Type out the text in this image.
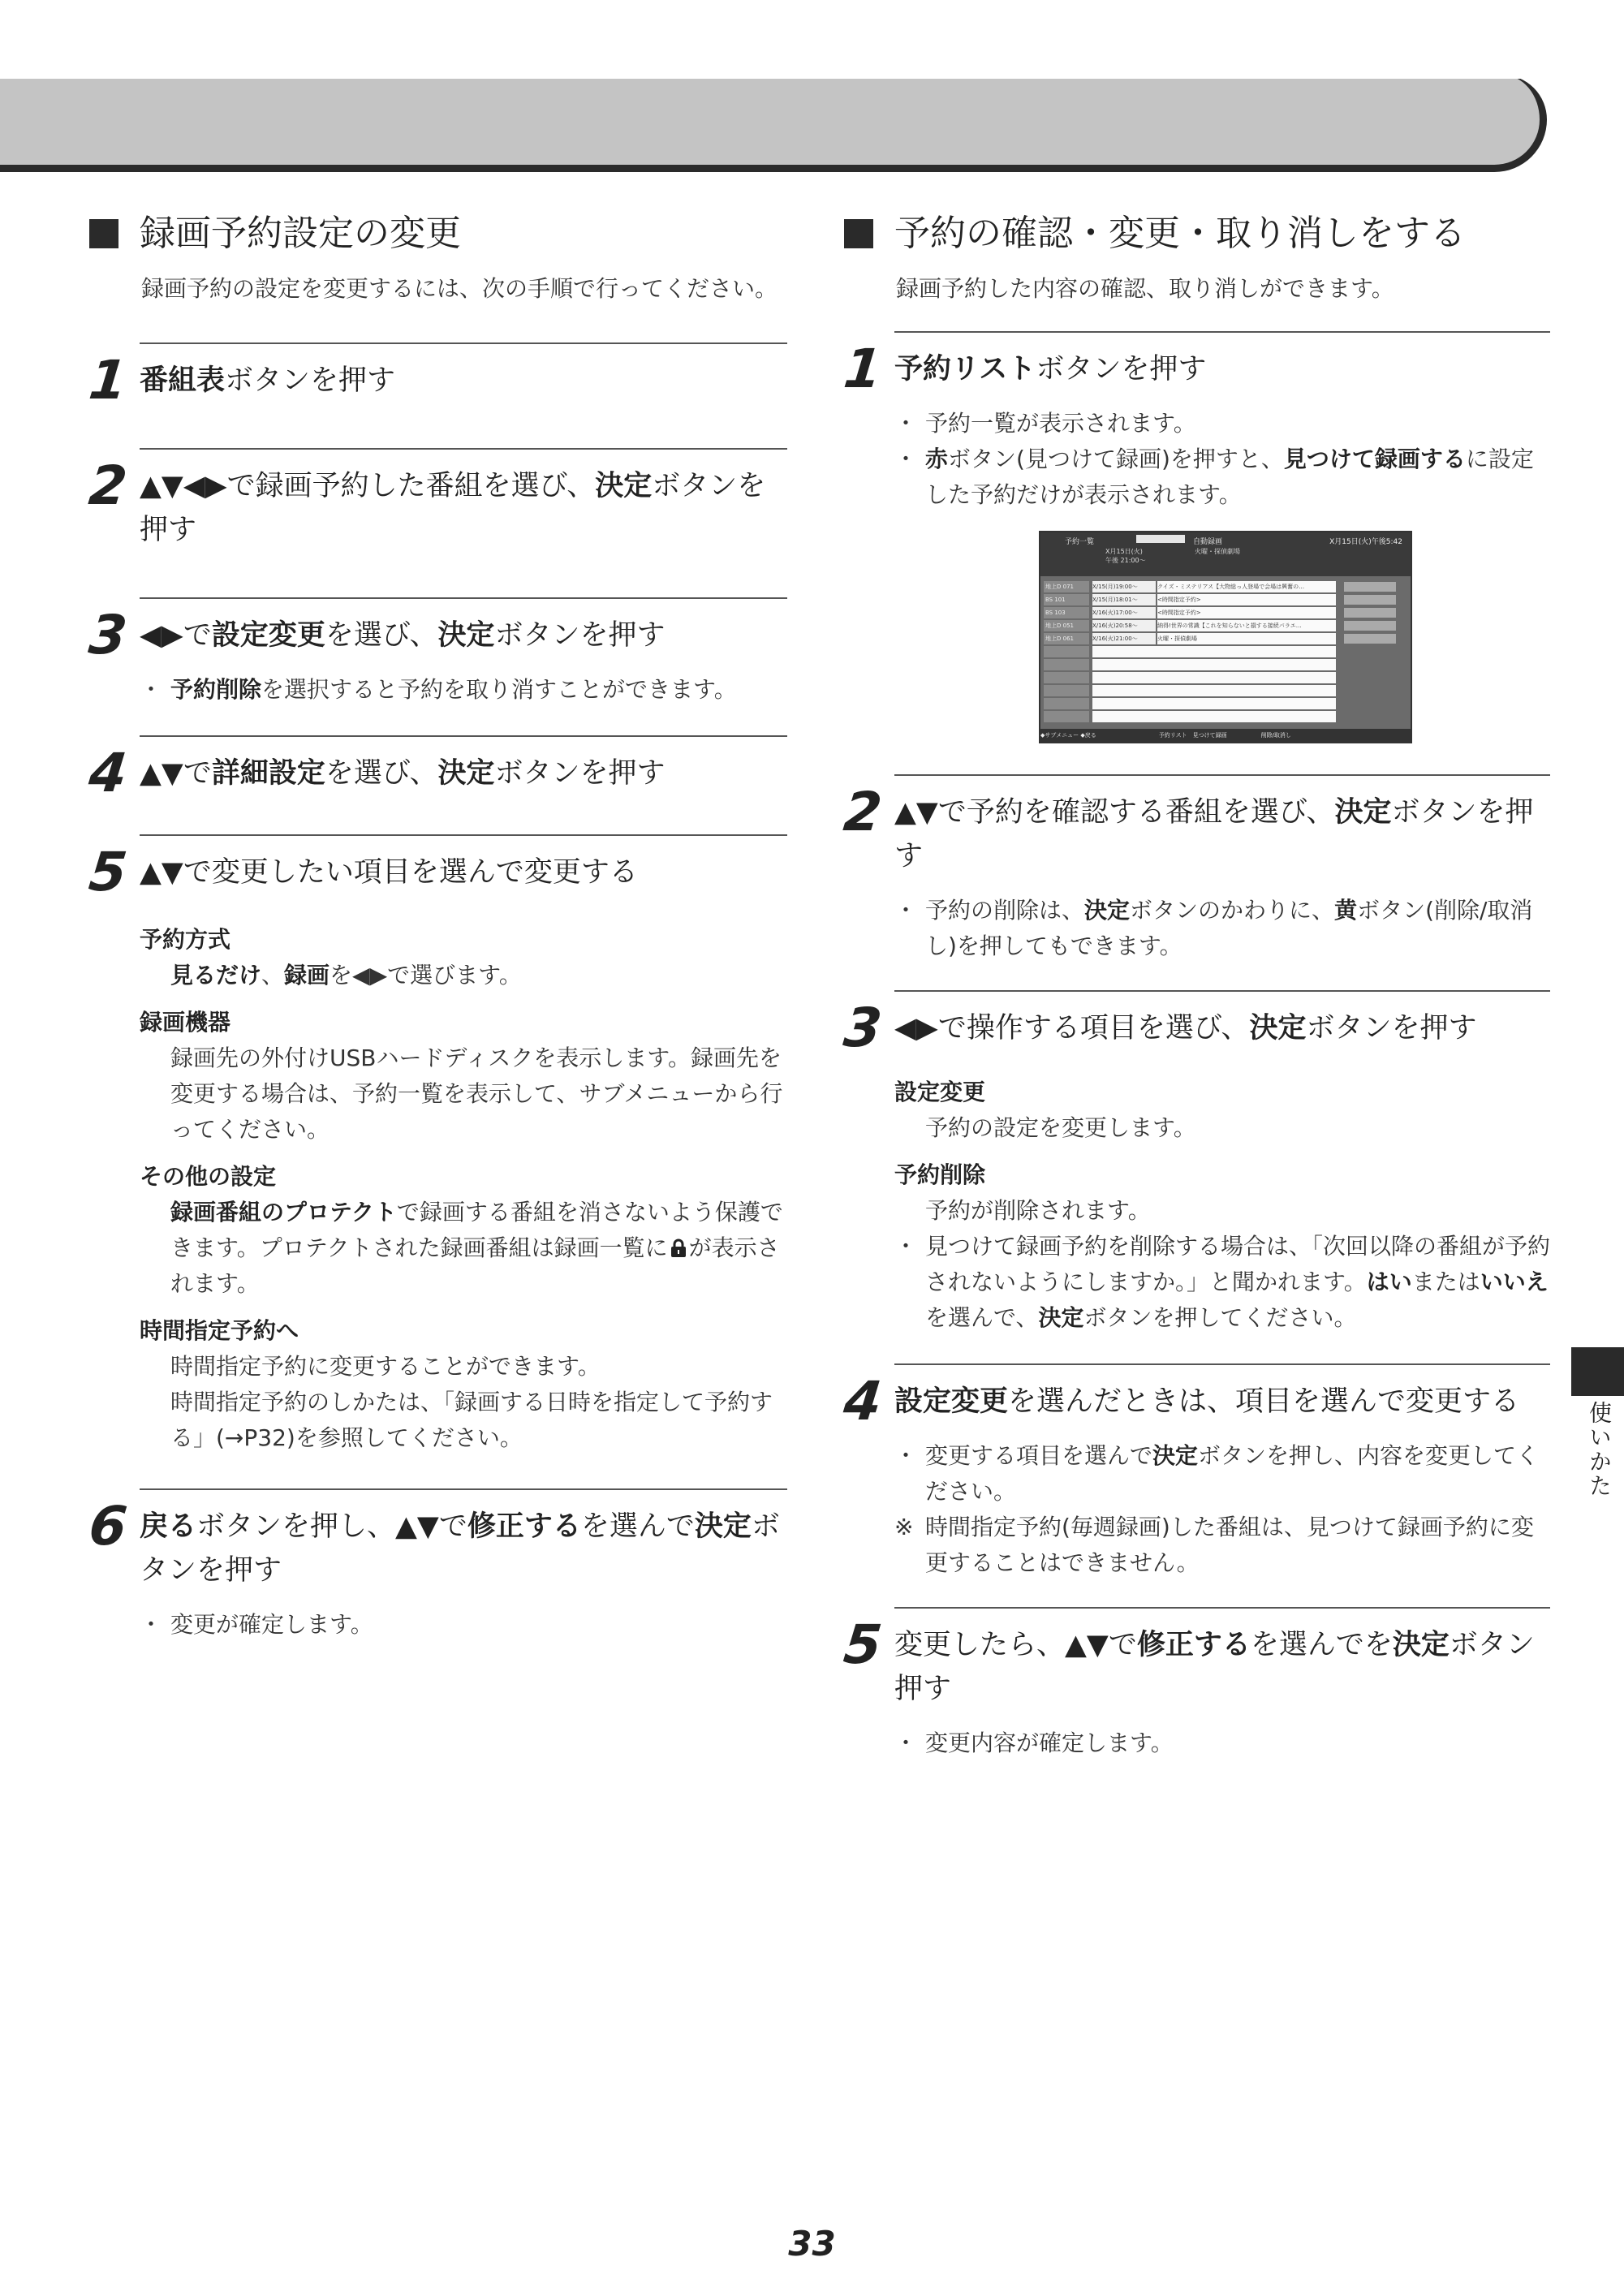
録画予約設定の変更
録画予約の設定を変更するには、次の手順で行ってください。
1 番組表ボタンを押す
2 ▲▼◀▶で録画予約した番組を選び、決定ボタンを押す
3 ◀▶で設定変更を選び、決定ボタンを押す
・ 予約削除を選択すると予約を取り消すことができます。
4 ▲▼で詳細設定を選び、決定ボタンを押す
5 ▲▼で変更したい項目を選んで変更する
予約方式
見るだけ、録画を◀▶で選びます。
録画機器
録画先の外付けUSBハードディスクを表示します。録画先を変更する場合は、予約一覧を表示して、サブメニューから行ってください。
その他の設定
録画番組のプロテクトで録画する番組を消さないよう保護できます。プロテクトされた録画番組は録画一覧に が表示されます。
時間指定予約へ
時間指定予約に変更することができます。
時間指定予約のしかたは、「録画する日時を指定して予約する」(→P32)を参照してください。
6 戻るボタンを押し、▲▼で修正するを選んで決定ボタンを押す
・ 変更が確定します。
予約の確認・変更・取り消しをする
録画予約した内容の確認、取り消しができます。
1 予約リストボタンを押す
・ 予約一覧が表示されます。
・ 赤ボタン(見つけて録画)を押すと、見つけて録画するに設定した予約だけが表示されます。
予約一覧	自動録画	X月15日(火)午後5:42
X月15日(火)
午後 21:00～
火曜・探偵劇場
地上D 071	X/15(月)19:00～	クイズ・ミステリアス【大物総っ人登場で会場は興奮の…
BS 101	X/15(月)18:01～	<時間指定予約>
BS 103	X/16(火)17:00～	<時間指定予約>
地上D 051	X/16(火)20:58～	納得!世界の常識【これを知らないと損する接続パラエ…
地上D 061	X/16(火)21:00～	火曜・探偵劇場
◆サブメニュー ◆戻る　　　　　　　　　　　予約リスト　見つけて録画　　　　　　削除/取消し
2 ▲▼で予約を確認する番組を選び、決定ボタンを押す
・ 予約の削除は、決定ボタンのかわりに、黄ボタン(削除/取消し)を押してもできます。
3 ◀▶で操作する項目を選び、決定ボタンを押す
設定変更
予約の設定を変更します。
予約削除
予約が削除されます。
・ 見つけて録画予約を削除する場合は、「次回以降の番組が予約されないようにしますか。」と聞かれます。はいまたはいいえを選んで、決定ボタンを押してください。
4 設定変更を選んだときは、項目を選んで変更する
・ 変更する項目を選んで決定ボタンを押し、内容を変更してください。
※ 時間指定予約(毎週録画)した番組は、見つけて録画予約に変更することはできません。
5 変更したら、▲▼で修正するを選んでを決定ボタン押す
・ 変更内容が確定します。
使いかた
33
